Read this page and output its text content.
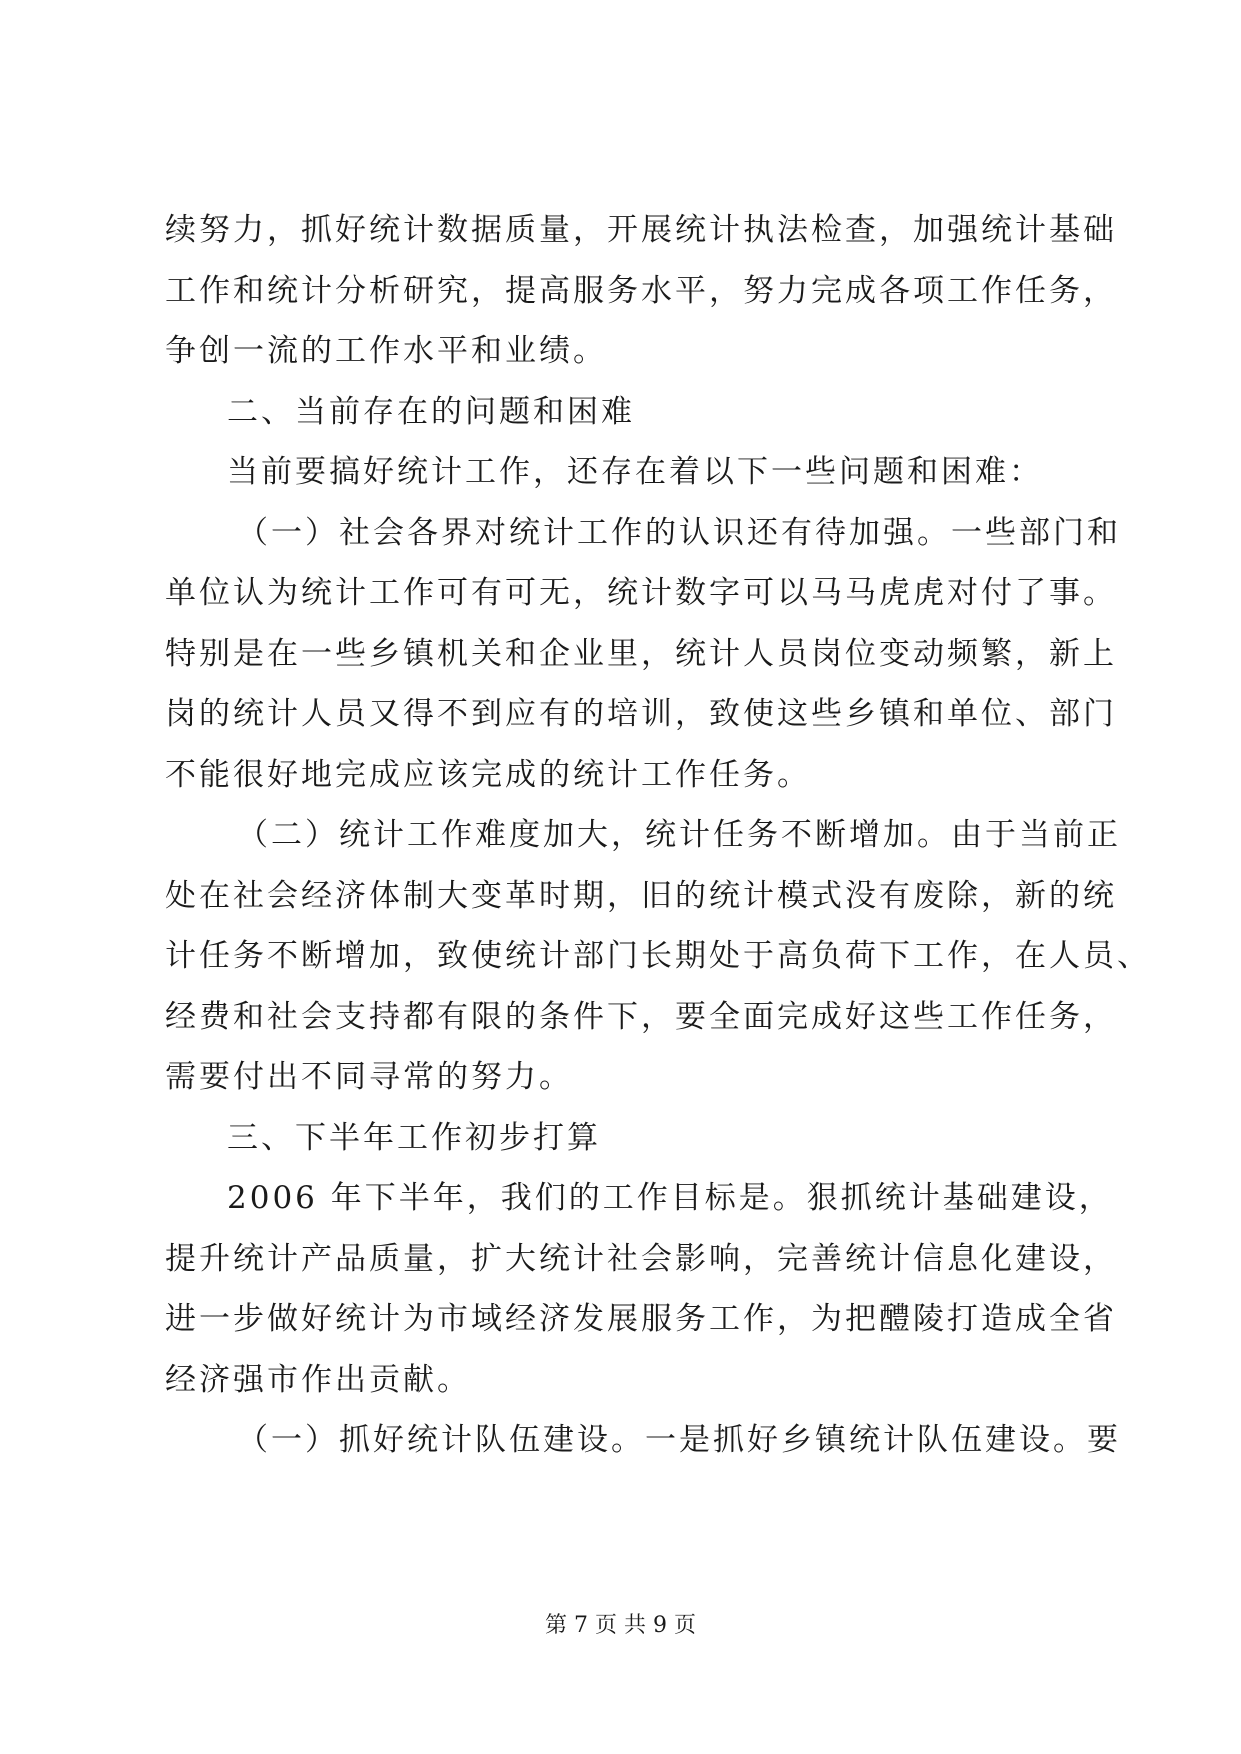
续努力，抓好统计数据质量，开展统计执法检查，加强统计基础
工作和统计分析研究，提高服务水平，努力完成各项工作任务，
争创一流的工作水平和业绩。
二、当前存在的问题和困难
当前要搞好统计工作，还存在着以下一些问题和困难：
（一）社会各界对统计工作的认识还有待加强。一些部门和
单位认为统计工作可有可无，统计数字可以马马虎虎对付了事。
特别是在一些乡镇机关和企业里，统计人员岗位变动频繁，新上
岗的统计人员又得不到应有的培训，致使这些乡镇和单位、部门
不能很好地完成应该完成的统计工作任务。
（二）统计工作难度加大，统计任务不断增加。由于当前正
处在社会经济体制大变革时期，旧的统计模式没有废除，新的统
计任务不断增加，致使统计部门长期处于高负荷下工作，在人员、
经费和社会支持都有限的条件下，要全面完成好这些工作任务，
需要付出不同寻常的努力。
三、下半年工作初步打算
2006 年下半年，我们的工作目标是。狠抓统计基础建设，
提升统计产品质量，扩大统计社会影响，完善统计信息化建设，
进一步做好统计为市域经济发展服务工作，为把醴陵打造成全省
经济强市作出贡献。
（一）抓好统计队伍建设。一是抓好乡镇统计队伍建设。要
第 7 页 共 9 页
